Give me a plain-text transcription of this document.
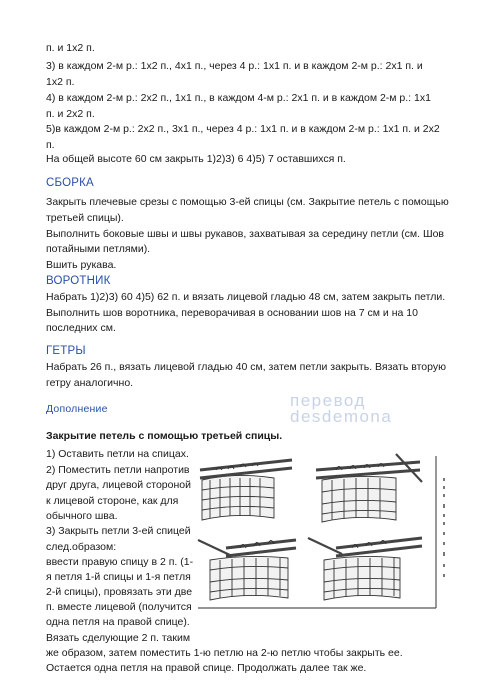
п. и 1х2 п.
3) в каждом 2-м р.: 1х2 п., 4х1 п., через 4 р.: 1х1 п. и в каждом 2-м р.: 2х1 п. и
1х2 п.
4) в каждом 2-м р.: 2х2 п., 1х1 п., в каждом 4-м р.: 2х1 п. и в каждом 2-м р.: 1х1
п. и 2х2 п.
5)в каждом 2-м р.: 2х2 п., 3х1 п., через 4 р.: 1х1 п. и в каждом 2-м р.: 1х1 п. и 2х2
п.
На общей высоте 60 см закрыть 1)2)3) 6 4)5) 7 оставшихся п.
СБОРКА
Закрыть плечевые срезы с помощью 3-ей спицы (см. Закрытие петель с помощью
третьей спицы).
Выполнить боковые швы и швы рукавов, захватывая за середину петли (см. Шов
потайными петлями).
Вшить рукава.
ВОРОТНИК
Набрать 1)2)3) 60 4)5) 62 п. и вязать лицевой гладью 48 см, затем закрыть петли.
Выполнить шов воротника, переворачивая в основании шов на 7 см и на 10
последних см.
ГЕТРЫ
Набрать 26 п., вязать лицевой гладью 40 см, затем петли закрыть. Вязать вторую
гетру аналогично.
перевод
desdemona
Дополнение
Закрытие петель с помощью третьей спицы.
1) Оставить петли на спицах.
2) Поместить петли напротив
друг друга, лицевой стороной
к лицевой стороне, как для
обычного шва.
3) Закрыть петли 3-ей спицей
след.образом:
ввести правую спицу в 2 п. (1-
я петля 1-й спицы и 1-я петля
2-й спицы), провязать эти две
п. вместе лицевой (получится
одна петля на правой спице).
Вязать сделующие 2 п. таким
же образом, затем поместить 1-ю петлю на 2-ю петлю чтобы закрыть ее.
Остается одна петля на правой спице. Продолжать далее так же.
